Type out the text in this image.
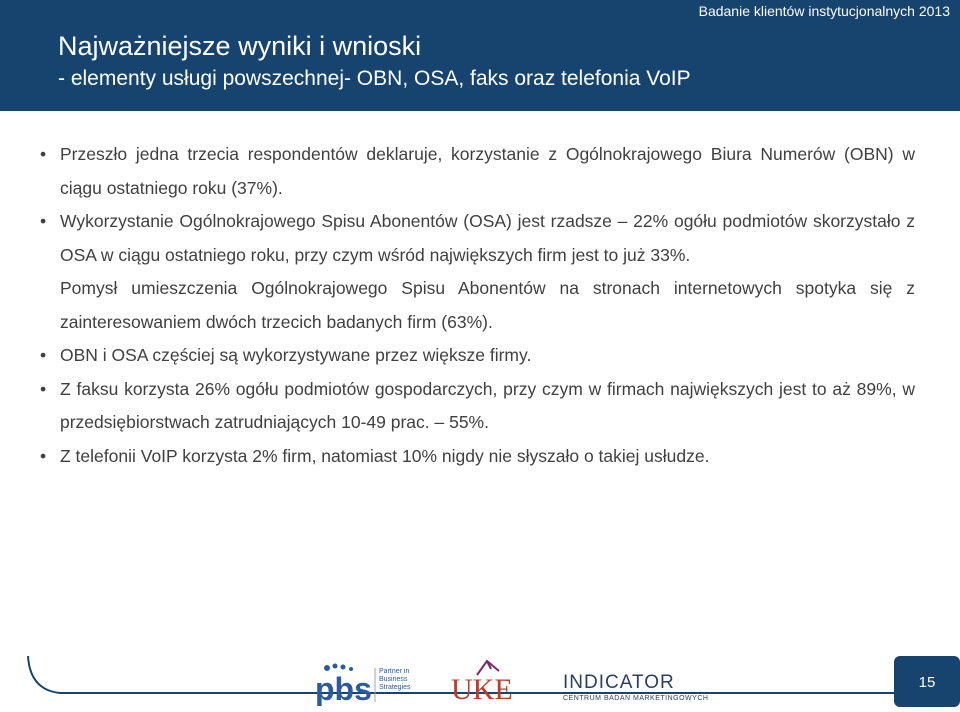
Badanie klientów instytucjonalnych 2013
Najważniejsze wyniki i wnioski
- elementy usługi powszechnej- OBN, OSA, faks oraz telefonia VoIP
• Przeszło jedna trzecia respondentów deklaruje, korzystanie z Ogólnokrajowego Biura Numerów (OBN) w ciągu ostatniego roku (37%).
• Wykorzystanie Ogólnokrajowego Spisu Abonentów (OSA) jest rzadsze – 22% ogółu podmiotów skorzystało z OSA w ciągu ostatniego roku, przy czym wśród największych firm jest to już 33%.
Pomysł umieszczenia Ogólnokrajowego Spisu Abonentów na stronach internetowych spotyka się z zainteresowaniem dwóch trzecich badanych firm (63%).
• OBN i OSA częściej są wykorzystywane przez większe firmy.
• Z faksu korzysta 26% ogółu podmiotów gospodarczych, przy czym w firmach największych jest to aż 89%, w przedsiębiorstwach zatrudniających 10-49 prac. – 55%.
• Z telefonii VoIP korzysta 2% firm, natomiast 10% nigdy nie słyszało o takiej usłudze.
pbs Partner in Business Strategies	UKE	INDICATOR
CENTRUM BADAŃ MARKETINGOWYCH
15
